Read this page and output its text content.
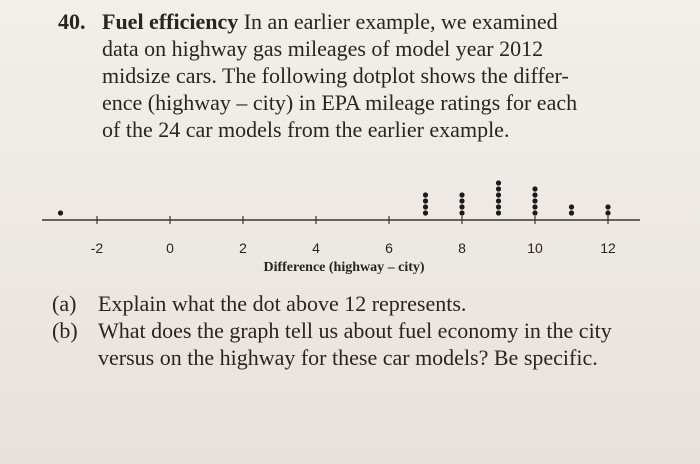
40. Fuel efficiency In an earlier example, we examined
data on highway gas mileages of model year 2012
midsize cars. The following dotplot shows the differ-
ence (highway – city) in EPA mileage ratings for each
of the 24 car models from the earlier example.
-2	0	2	4	6	8	10	12
Difference (highway – city)
(a) Explain what the dot above 12 represents.
(b) What does the graph tell us about fuel economy in the city versus on the highway for these car models? Be specific.
